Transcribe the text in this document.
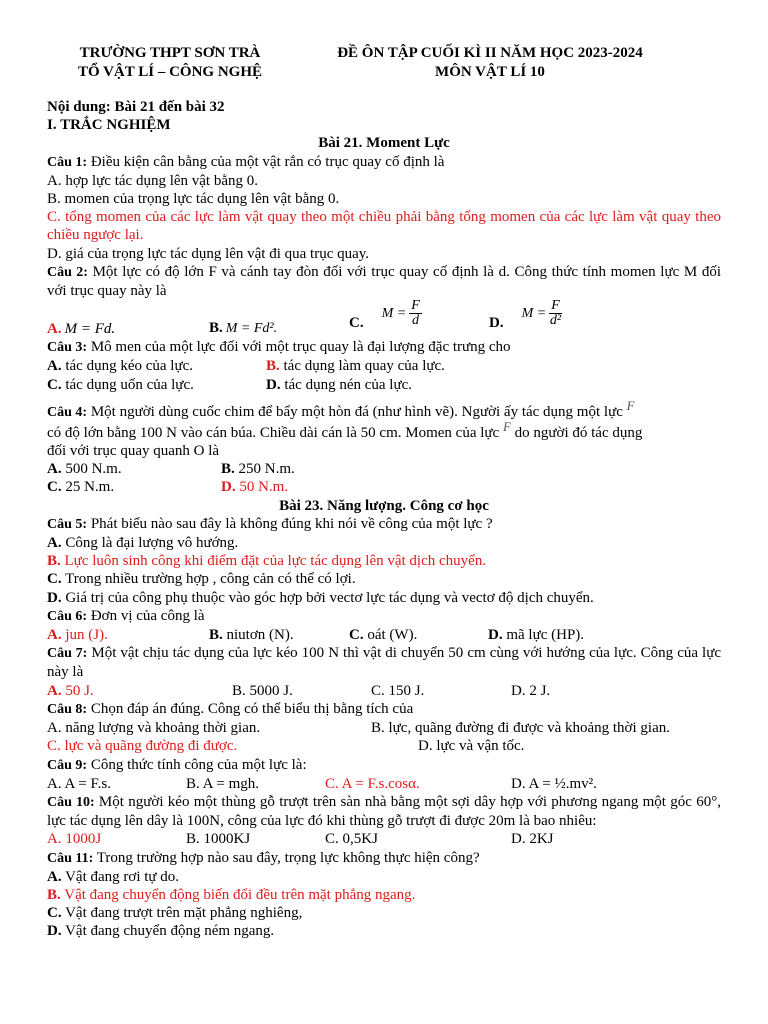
TRƯỜNG THPT SƠN TRÀ
TỔ VẬT LÍ – CÔNG NGHỆ
ĐỀ ÔN TẬP CUỐI KÌ II NĂM HỌC 2023-2024
MÔN VẬT LÍ 10
Nội dung: Bài 21 đến bài 32
I. TRẮC NGHIỆM
Bài 21. Moment Lực
Câu 1: Điều kiện cân bằng của một vật rắn có trục quay cố định là
A. hợp lực tác dụng lên vật bằng 0.
B. momen của trọng lực tác dụng lên vật bằng 0.
C. tổng momen của các lực làm vật quay theo một chiều phải bằng tổng momen của các lực làm vật quay theo chiều ngược lại.
D. giá của trọng lực tác dụng lên vật đi qua trục quay.
Câu 2: Một lực có độ lớn F và cánh tay đòn đối với trục quay cố định là d. Công thức tính momen lực M đối với trục quay này là
A. M = Fd.	B. M = Fd².	$C.M = \frac{F}{d}$	$D.M = \frac{F}{\text{d²}}$
Câu 3: Mô men của một lực đối với một trục quay là đại lượng đặc trưng cho
A. tác dụng kéo của lực.	B. tác dụng làm quay của lực.
C. tác dụng uốn của lực.	D. tác dụng nén của lực.
Câu 4: Một người dùng cuốc chim để bẩy một hòn đá (như hình vẽ). Người ấy tác dụng một lực F
có độ lớn bằng 100 N vào cán búa. Chiều dài cán là 50 cm. Momen của lực F do người đó tác dụng
đối với trục quay quanh O là
A. 500 N.m.	B. 250 N.m.
C. 25 N.m.	D. 50 N.m.
Bài 23. Năng lượng. Công cơ học
Câu 5: Phát biểu nào sau đây là không đúng khi nói về công của một lực ?
A. Công là đại lượng vô hướng.
B. Lực luôn sinh công khi điểm đặt của lực tác dụng lên vật dịch chuyển.
C. Trong nhiều trường hợp , công cản có thể có lợi.
D. Giá trị của công phụ thuộc vào góc hợp bởi vectơ lực tác dụng và vectơ độ dịch chuyển.
Câu 6: Đơn vị của công là
A. jun (J).	B. niutơn (N).	C. oát (W).	D. mã lực (HP).
Câu 7: Một vật chịu tác dụng của lực kéo 100 N thì vật di chuyển 50 cm cùng với hướng của lực. Công của lực này là
A. 50 J.	B. 5000 J.	C. 150 J.	D. 2 J.
Câu 8: Chọn đáp án đúng. Công có thể biểu thị bằng tích của
A. năng lượng và khoảng thời gian.	B. lực, quãng đường đi được và khoảng thời gian.
C. lực và quãng đường đi được.	D. lực và vận tốc.
Câu 9: Công thức tính công của một lực là:
A. A = F.s.	B. A = mgh.	C. A = F.s.cosα.	D. A = ½.mv².
Câu 10: Một người kéo một thùng gỗ trượt trên sàn nhà bằng một sợi dây hợp với phương ngang một góc 60°, lực tác dụng lên dây là 100N, công của lực đó khi thùng gỗ trượt đi được 20m là bao nhiêu:
A. 1000J	B. 1000KJ	C. 0,5KJ	D. 2KJ
Câu 11: Trong trường hợp nào sau đây, trọng lực không thực hiện công?
A. Vật đang rơi tự do.
B. Vật đang chuyển động biến đổi đều trên mặt phẳng ngang.
C. Vật đang trượt trên mặt phẳng nghiêng,
D. Vật đang chuyển động ném ngang.
